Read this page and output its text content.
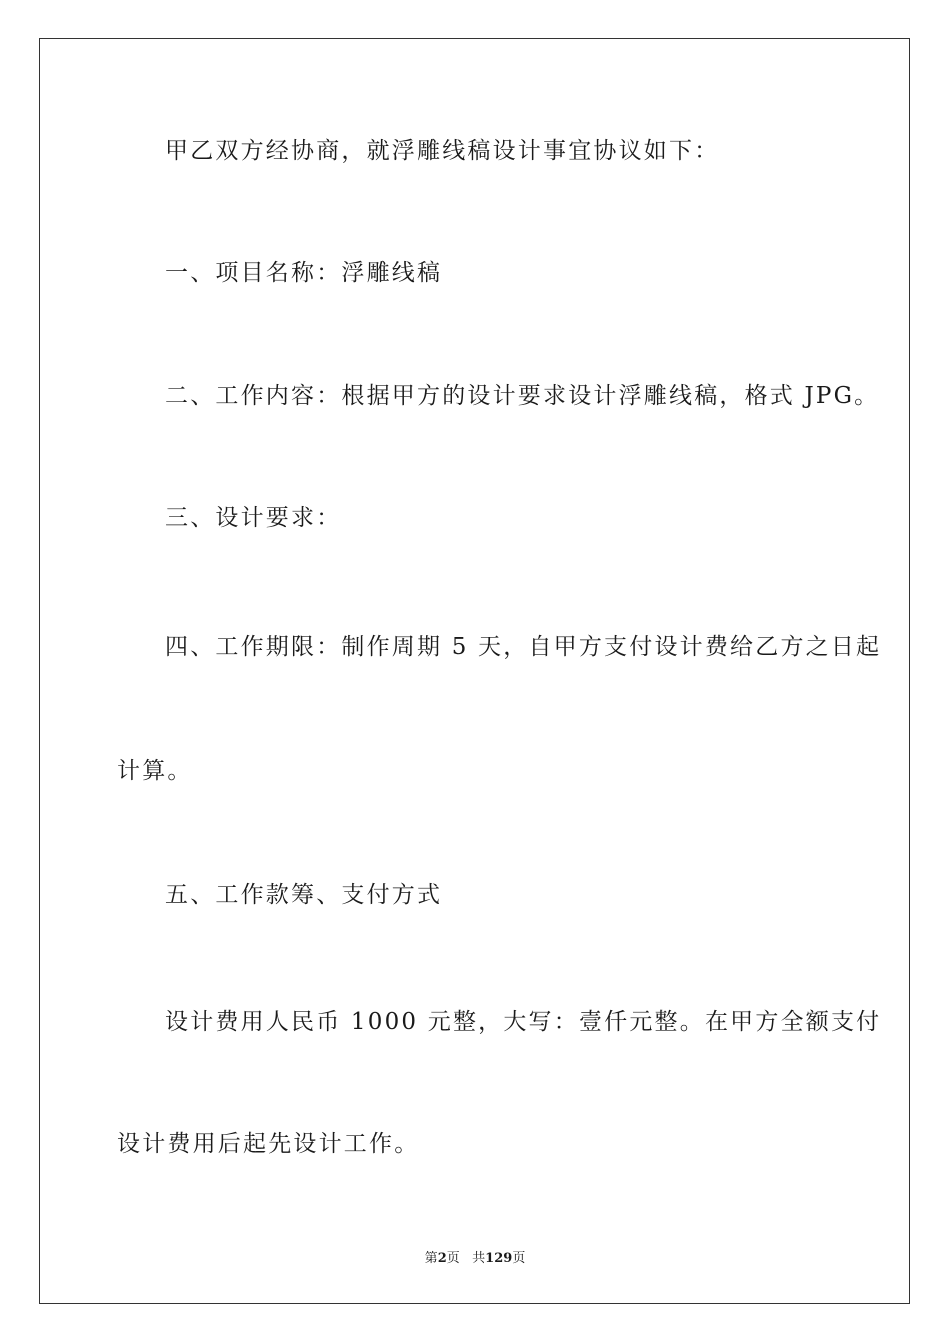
甲乙双方经协商，就浮雕线稿设计事宜协议如下：
一、项目名称：浮雕线稿
二、工作内容：根据甲方的设计要求设计浮雕线稿，格式 JPG。
三、设计要求：
四、工作期限：制作周期 5 天，自甲方支付设计费给乙方之日起
计算。
五、工作款筹、支付方式
设计费用人民币 1000 元整，大写：壹仟元整。在甲方全额支付
设计费用后起先设计工作。
第2页 共129页
